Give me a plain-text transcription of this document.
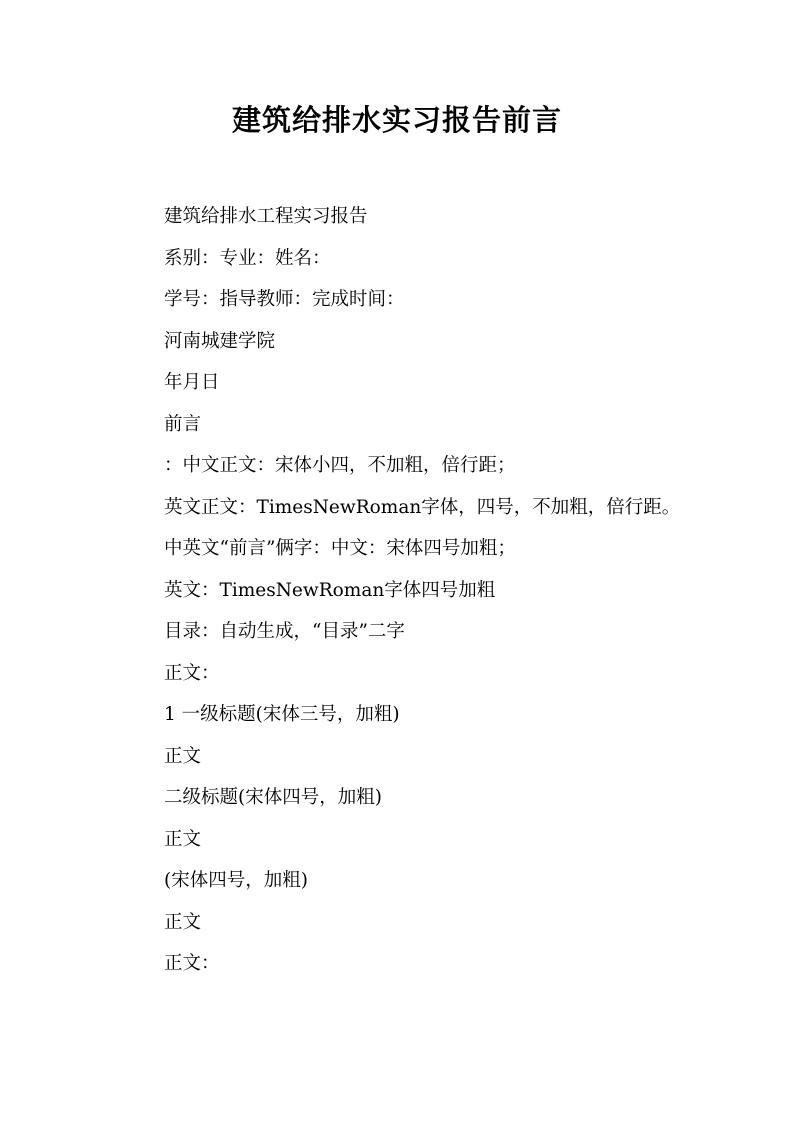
建筑给排水实习报告前言

建筑给排水工程实习报告

系别：专业：姓名：

学号：指导教师：完成时间：

河南城建学院

年月日

前言

：中文正文：宋体小四，不加粗，倍行距；

英文正文：TimesNewRoman字体，四号，不加粗，倍行距。

中英文“前言”俩字：中文：宋体四号加粗；

英文：TimesNewRoman字体四号加粗

目录：自动生成，“目录”二字

正文：

1 一级标题(宋体三号，加粗)

正文

二级标题(宋体四号，加粗)

正文

(宋体四号，加粗)

正文

正文：
